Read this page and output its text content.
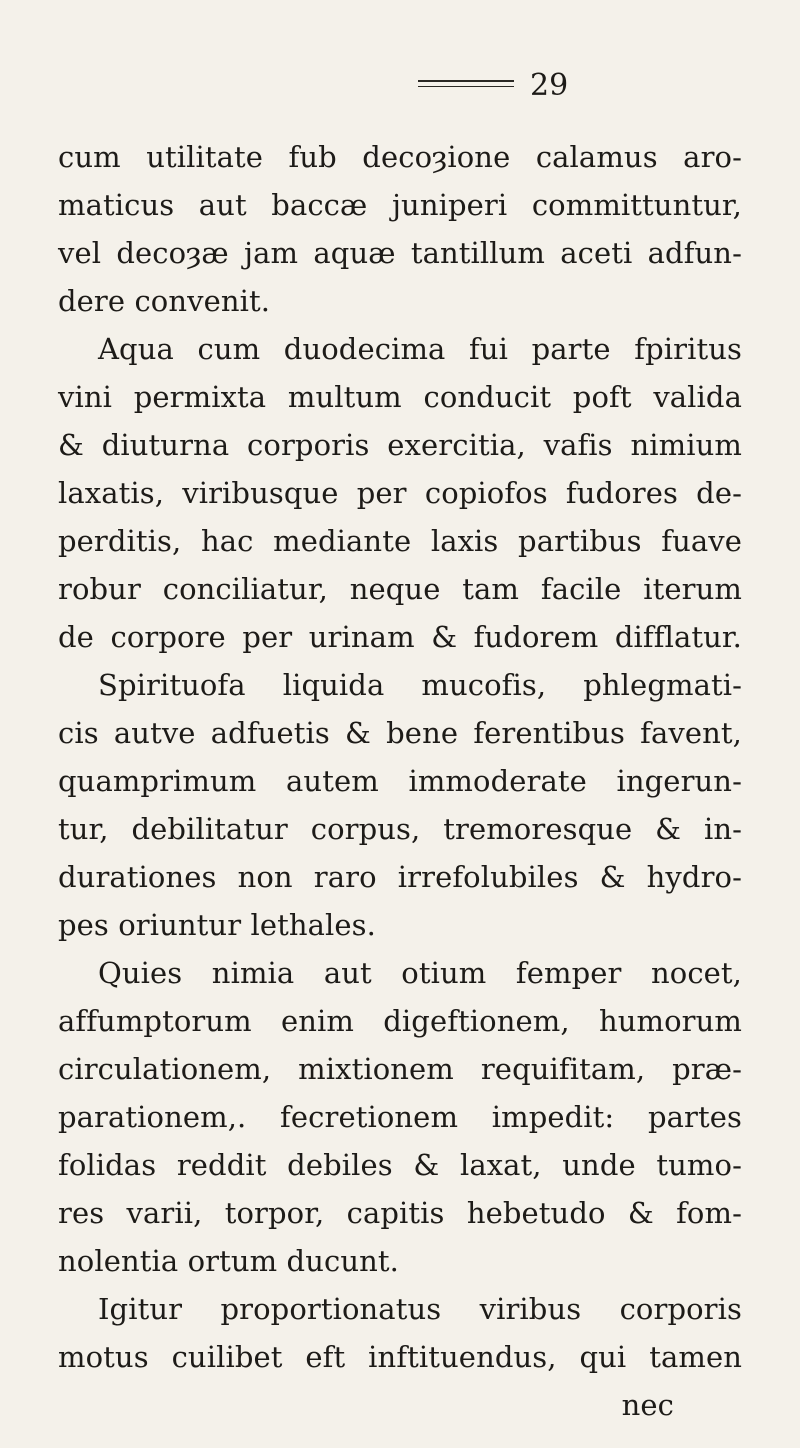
29
cum utilitate fub decoȝione calamus aro-
maticus aut baccæ juniperi committuntur,
vel decoȝæ jam aquæ tantillum aceti adfun-
dere convenit.
Aqua cum duodecima fui parte fpiritus
vini permixta multum conducit poft valida
& diuturna corporis exercitia, vafis nimium
laxatis, viribusque per copiofos fudores de-
perditis, hac mediante laxis partibus fuave
robur conciliatur, neque tam facile iterum
de corpore per urinam & fudorem difflatur.
Spirituofa liquida mucofis, phlegmati-
cis autve adfuetis & bene ferentibus favent,
quamprimum autem immoderate ingerun-
tur, debilitatur corpus, tremoresque & in-
durationes non raro irrefolubiles & hydro-
pes oriuntur lethales.
Quies nimia aut otium femper nocet,
affumptorum enim digeftionem, humorum
circulationem, mixtionem requifitam, præ-
parationem,. fecretionem impedit: partes
folidas reddit debiles & laxat, unde tumo-
res varii, torpor, capitis hebetudo & fom-
nolentia ortum ducunt.
Igitur proportionatus viribus corporis
motus cuilibet eft inftituendus, qui tamen
nec
